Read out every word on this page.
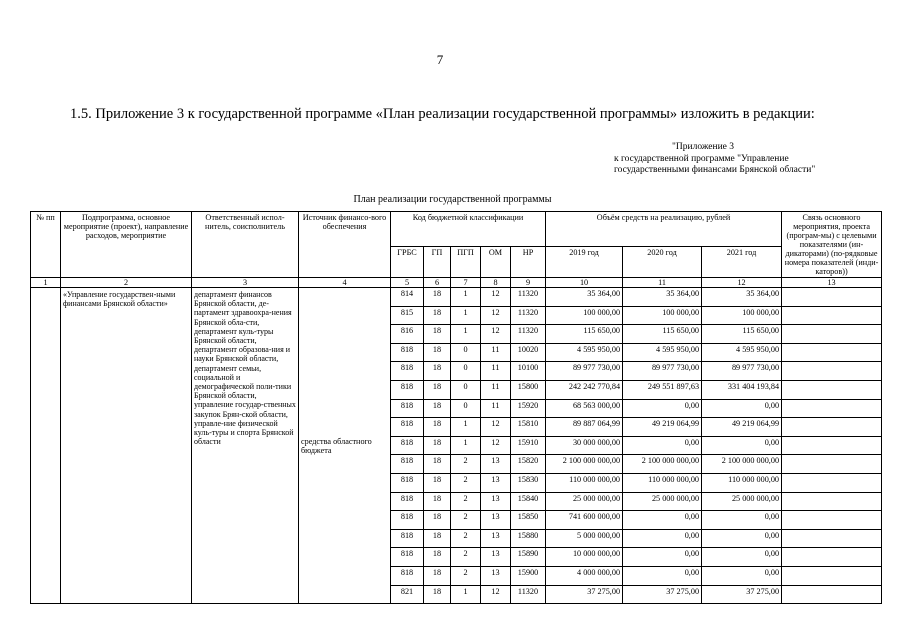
7
1.5. Приложение 3 к государственной программе «План реализации государственной программы» изложить в редакции:
"Приложение 3
к государственной программе "Управление
государственными финансами Брянской области"
План реализации государственной программы
№ пп	Подпрограмма, основное мероприятие (проект), направление расходов, мероприятие	Ответственный испол-нитель, соисполнитель	Источник финансо-вого обеспечения	Код бюджетной классификации					Объём средств на реализацию, рублей			Связь основного мероприятия, проекта (програм-мы) с целевыми показателями (ин-дикаторами) (по-рядковые номера показателей (инди-каторов))
				ГРБС	ГП	ПГП	ОМ	НР	2019 год	2020 год	2021 год	
1	2	3	4	5	6	7	8	9	10	11	12	13
	«Управление государствен-ными финансами Брянской области»	департамент финансов Брянской области, де-партамент здравоохра-нения Брянской обла-сти, департамент куль-туры Брянской области, департамент образова-ния и науки Брянской области, департамент семьи, социальной и демографической поли-тики Брянской области, управление государ-ственных закупок Брян-ской области, управле-ние физической куль-туры и спорта Брянской области	средства областного бюджета	814	18	1	12	11320	35 364,00	35 364,00	35 364,00	
				815	18	1	12	11320	100 000,00	100 000,00	100 000,00	
				816	18	1	12	11320	115 650,00	115 650,00	115 650,00	
				818	18	0	11	10020	4 595 950,00	4 595 950,00	4 595 950,00	
				818	18	0	11	10100	89 977 730,00	89 977 730,00	89 977 730,00	
				818	18	0	11	15800	242 242 770,84	249 551 897,63	331 404 193,84	
				818	18	0	11	15920	68 563 000,00	0,00	0,00	
				818	18	1	12	15810	89 887 064,99	49 219 064,99	49 219 064,99	
				818	18	1	12	15910	30 000 000,00	0,00	0,00	
				818	18	2	13	15820	2 100 000 000,00	2 100 000 000,00	2 100 000 000,00	
				818	18	2	13	15830	110 000 000,00	110 000 000,00	110 000 000,00	
				818	18	2	13	15840	25 000 000,00	25 000 000,00	25 000 000,00	
				818	18	2	13	15850	741 600 000,00	0,00	0,00	
				818	18	2	13	15880	5 000 000,00	0,00	0,00	
				818	18	2	13	15890	10 000 000,00	0,00	0,00	
				818	18	2	13	15900	4 000 000,00	0,00	0,00	
				821	18	1	12	11320	37 275,00	37 275,00	37 275,00	
